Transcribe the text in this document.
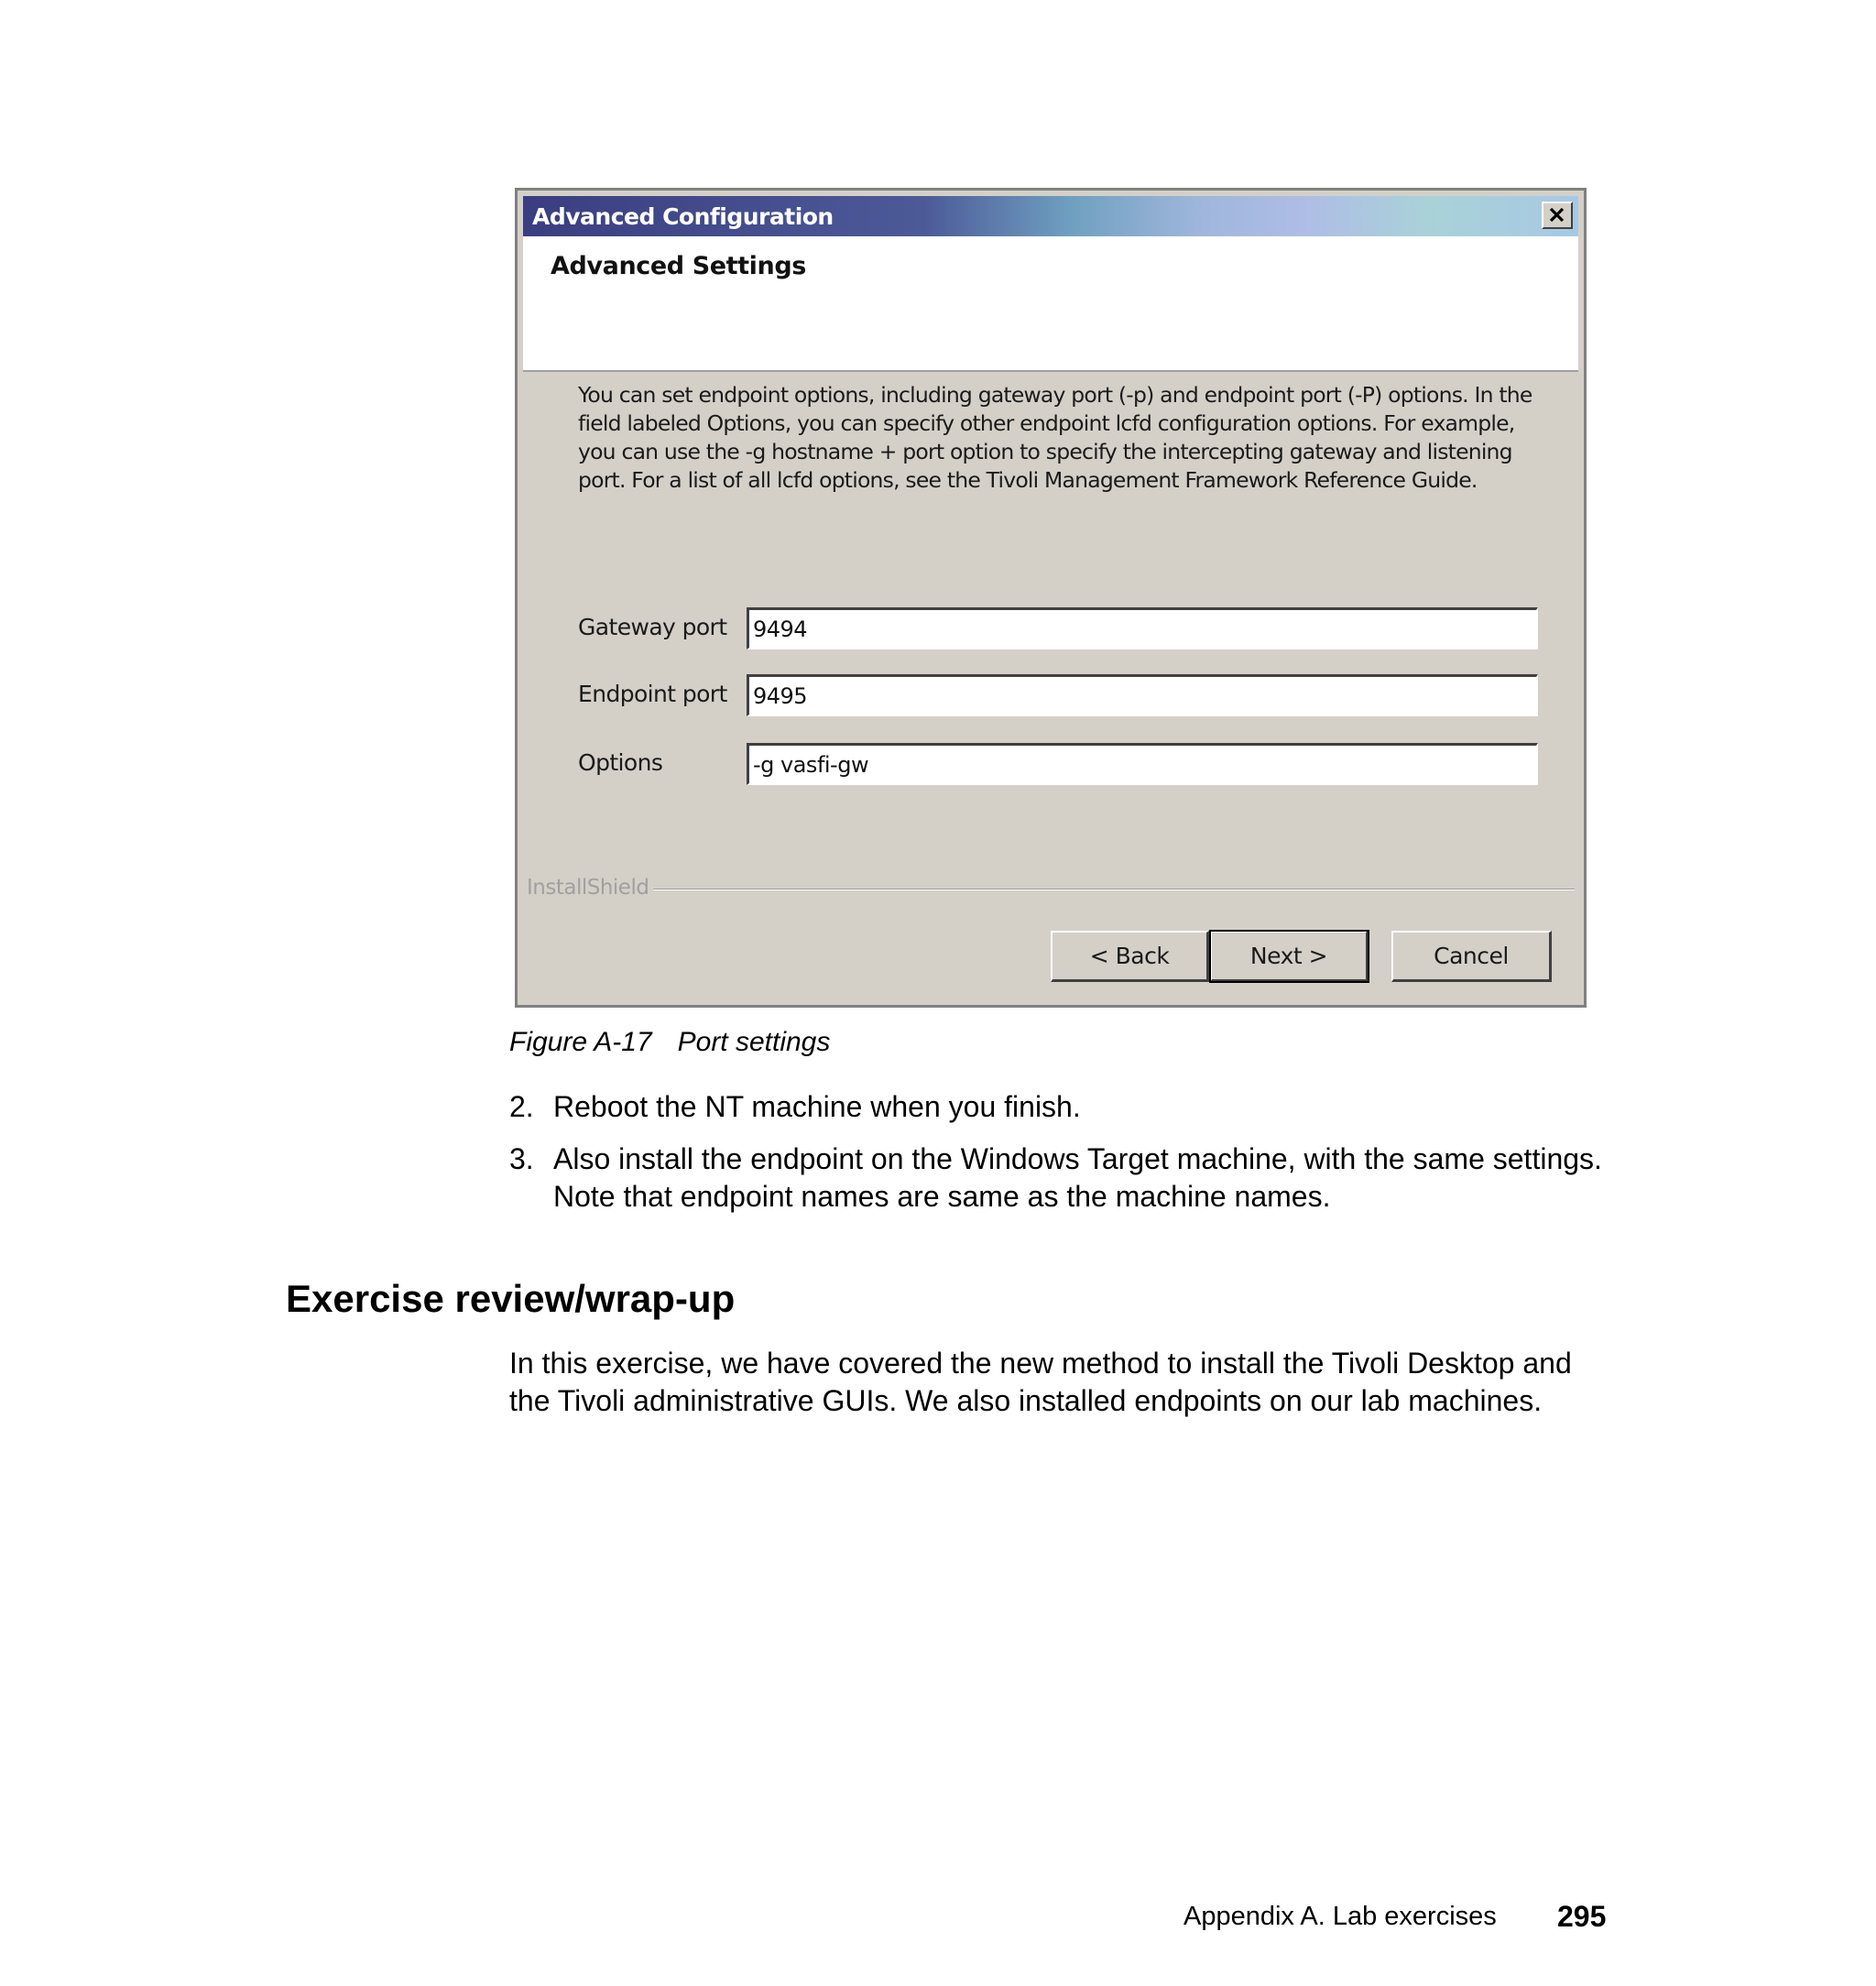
Advanced Configuration
Advanced Settings
You can set endpoint options, including gateway port (-p) and endpoint port (-P) options. In the field labeled Options, you can specify other endpoint lcfd configuration options. For example, you can use the -g hostname + port option to specify the intercepting gateway and listening port. For a list of all lcfd options, see the Tivoli Management Framework Reference Guide.
Gateway port
9494
Endpoint port
9495
Options
-g vasfi-gw
InstallShield
< Back	Next >	Cancel
Figure A-17 Port settings
2. Reboot the NT machine when you finish.
3. Also install the endpoint on the Windows Target machine, with the same settings. Note that endpoint names are same as the machine names.
Exercise review/wrap-up
In this exercise, we have covered the new method to install the Tivoli Desktop and the Tivoli administrative GUIs. We also installed endpoints on our lab machines.
Appendix A. Lab exercises 295
